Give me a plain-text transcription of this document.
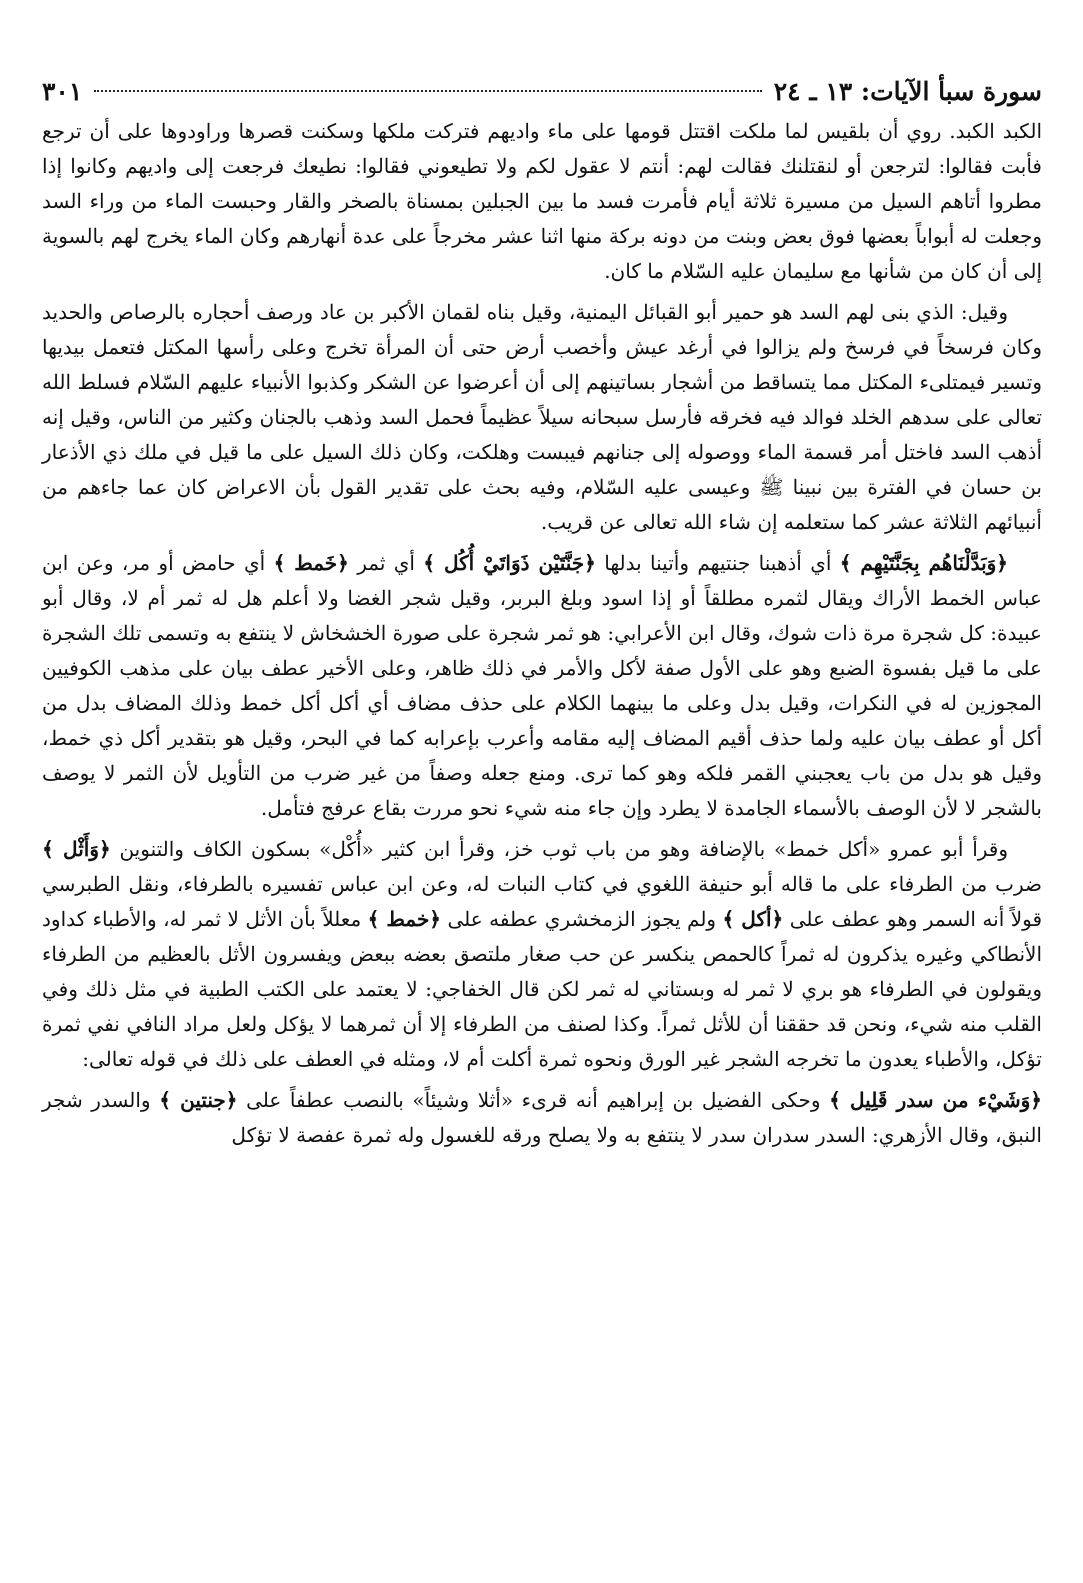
سورة سبأ الآيات: ١٣ ـ ٢٤
٣٠١

الكبد الكبد. روي أن بلقيس لما ملكت اقتتل قومها على ماء واديهم فتركت ملكها وسكنت قصرها وراودوها على أن ترجع فأبت فقالوا: لترجعن أو لنقتلنك فقالت لهم: أنتم لا عقول لكم ولا تطيعوني فقالوا: نطيعك فرجعت إلى واديهم وكانوا إذا مطروا أتاهم السيل من مسيرة ثلاثة أيام فأمرت فسد ما بين الجبلين بمسناة بالصخر والقار وحبست الماء من وراء السد وجعلت له أبواباً بعضها فوق بعض وبنت من دونه بركة منها اثنا عشر مخرجاً على عدة أنهارهم وكان الماء يخرج لهم بالسوية إلى أن كان من شأنها مع سليمان عليه السّلام ما كان.

وقيل: الذي بنى لهم السد هو حمير أبو القبائل اليمنية، وقيل بناه لقمان الأكبر بن عاد ورصف أحجاره بالرصاص والحديد وكان فرسخاً في فرسخ ولم يزالوا في أرغد عيش وأخصب أرض حتى أن المرأة تخرج وعلى رأسها المكتل فتعمل بيديها وتسير فيمتلىء المكتل مما يتساقط من أشجار بساتينهم إلى أن أعرضوا عن الشكر وكذبوا الأنبياء عليهم السّلام فسلط الله تعالى على سدهم الخلد فوالد فيه فخرقه فأرسل سبحانه سيلاً عظيماً فحمل السد وذهب بالجنان وكثير من الناس، وقيل إنه أذهب السد فاختل أمر قسمة الماء ووصوله إلى جنانهم فيبست وهلكت، وكان ذلك السيل على ما قيل في ملك ذي الأذعار بن حسان في الفترة بين نبينا ﷺ وعيسى عليه السّلام، وفيه بحث على تقدير القول بأن الاعراض كان عما جاءهم من أنبيائهم الثلاثة عشر كما ستعلمه إن شاء الله تعالى عن قريب.

﴿وَبَدَّلْنَاهُم بِجَنَّتَيْهِم ﴾ أي أذهبنا جنتيهم وأتينا بدلها ﴿جَنَّتَيْن ذَوَاتَيْ أُكُل ﴾ أي ثمر ﴿خَمط ﴾ أي حامض أو مر، وعن ابن عباس الخمط الأراك ويقال لثمره مطلقاً أو إذا اسود وبلغ البربر، وقيل شجر الغضا ولا أعلم هل له ثمر أم لا، وقال أبو عبيدة: كل شجرة مرة ذات شوك، وقال ابن الأعرابي: هو ثمر شجرة على صورة الخشخاش لا ينتفع به وتسمى تلك الشجرة على ما قيل بفسوة الضبع وهو على الأول صفة لأكل والأمر في ذلك ظاهر، وعلى الأخير عطف بيان على مذهب الكوفيين المجوزين له في النكرات، وقيل بدل وعلى ما بينهما الكلام على حذف مضاف أي أكل أكل خمط وذلك المضاف بدل من أكل أو عطف بيان عليه ولما حذف أقيم المضاف إليه مقامه وأعرب بإعرابه كما في البحر، وقيل هو بتقدير أكل ذي خمط، وقيل هو بدل من باب يعجبني القمر فلكه وهو كما ترى. ومنع جعله وصفاً من غير ضرب من التأويل لأن الثمر لا يوصف بالشجر لا لأن الوصف بالأسماء الجامدة لا يطرد وإن جاء منه شيء نحو مررت بقاع عرفج فتأمل.

وقرأ أبو عمرو «أكل خمط» بالإضافة وهو من باب ثوب خز، وقرأ ابن كثير «أُكْل» بسكون الكاف والتنوين ﴿وَأَثْل ﴾ ضرب من الطرفاء على ما قاله أبو حنيفة اللغوي في كتاب النبات له، وعن ابن عباس تفسيره بالطرفاء، ونقل الطبرسي قولاً أنه السمر وهو عطف على ﴿أكل ﴾ ولم يجوز الزمخشري عطفه على ﴿خمط ﴾ معللاً بأن الأثل لا ثمر له، والأطباء كداود الأنطاكي وغيره يذكرون له ثمراً كالحمص ينكسر عن حب صغار ملتصق بعضه ببعض ويفسرون الأثل بالعظيم من الطرفاء ويقولون في الطرفاء هو بري لا ثمر له وبستاني له ثمر لكن قال الخفاجي: لا يعتمد على الكتب الطبية في مثل ذلك وفي القلب منه شيء، ونحن قد حققنا أن للأثل ثمراً. وكذا لصنف من الطرفاء إلا أن ثمرهما لا يؤكل ولعل مراد النافي نفي ثمرة تؤكل، والأطباء يعدون ما تخرجه الشجر غير الورق ونحوه ثمرة أكلت أم لا، ومثله في العطف على ذلك في قوله تعالى:

﴿وَشَيْء من سدر قَلِيل ﴾ وحكى الفضيل بن إبراهيم أنه قرىء «أثلا وشيئاً» بالنصب عطفاً على ﴿جنتين ﴾ والسدر شجر النبق، وقال الأزهري: السدر سدران سدر لا ينتفع به ولا يصلح ورقه للغسول وله ثمرة عفصة لا تؤكل
